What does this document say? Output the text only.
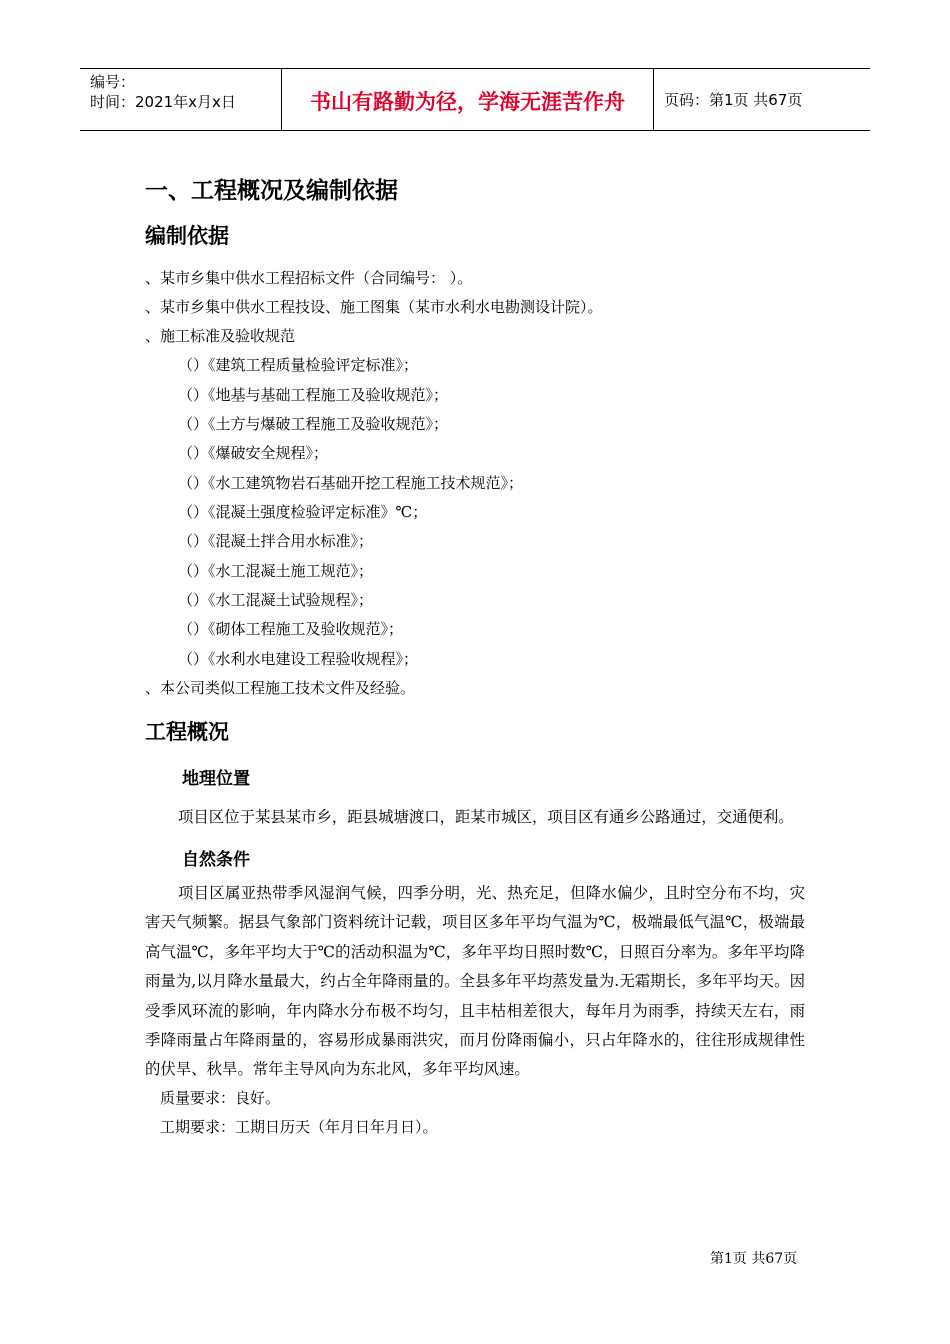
编号：
时间：2021年x月x日	书山有路勤为径，学海无涯苦作舟	页码：第1页 共67页
一、工程概况及编制依据
编制依据
、某市乡集中供水工程招标文件（合同编号： ）。
、某市乡集中供水工程技设、施工图集（某市水利水电勘测设计院）。
、施工标准及验收规范
（）《建筑工程质量检验评定标准》；
（）《地基与基础工程施工及验收规范》；
（）《土方与爆破工程施工及验收规范》；
（）《爆破安全规程》；
（）《水工建筑物岩石基础开挖工程施工技术规范》；
（）《混凝土强度检验评定标准》℃；
（）《混凝土拌合用水标准》；
（）《水工混凝土施工规范》；
（）《水工混凝土试验规程》；
（）《砌体工程施工及验收规范》；
（）《水利水电建设工程验收规程》；
、本公司类似工程施工技术文件及经验。
工程概况
地理位置
项目区位于某县某市乡，距县城塘渡口，距某市城区，项目区有通乡公路通过，交通便利。
自然条件
项目区属亚热带季风湿润气候，四季分明，光、热充足，但降水偏少，且时空分布不均，灾害天气频繁。据县气象部门资料统计记载，项目区多年平均气温为℃，极端最低气温℃，极端最高气温℃，多年平均大于℃的活动积温为℃，多年平均日照时数℃，日照百分率为。多年平均降雨量为,以月降水量最大，约占全年降雨量的。全县多年平均蒸发量为.无霜期长，多年平均天。因受季风环流的影响，年内降水分布极不均匀，且丰枯相差很大，每年月为雨季，持续天左右，雨季降雨量占年降雨量的，容易形成暴雨洪灾，而月份降雨偏小，只占年降水的，往往形成规律性的伏旱、秋旱。常年主导风向为东北风，多年平均风速。
质量要求：良好。
工期要求：工期日历天（年月日年月日）。
第1页 共67页
